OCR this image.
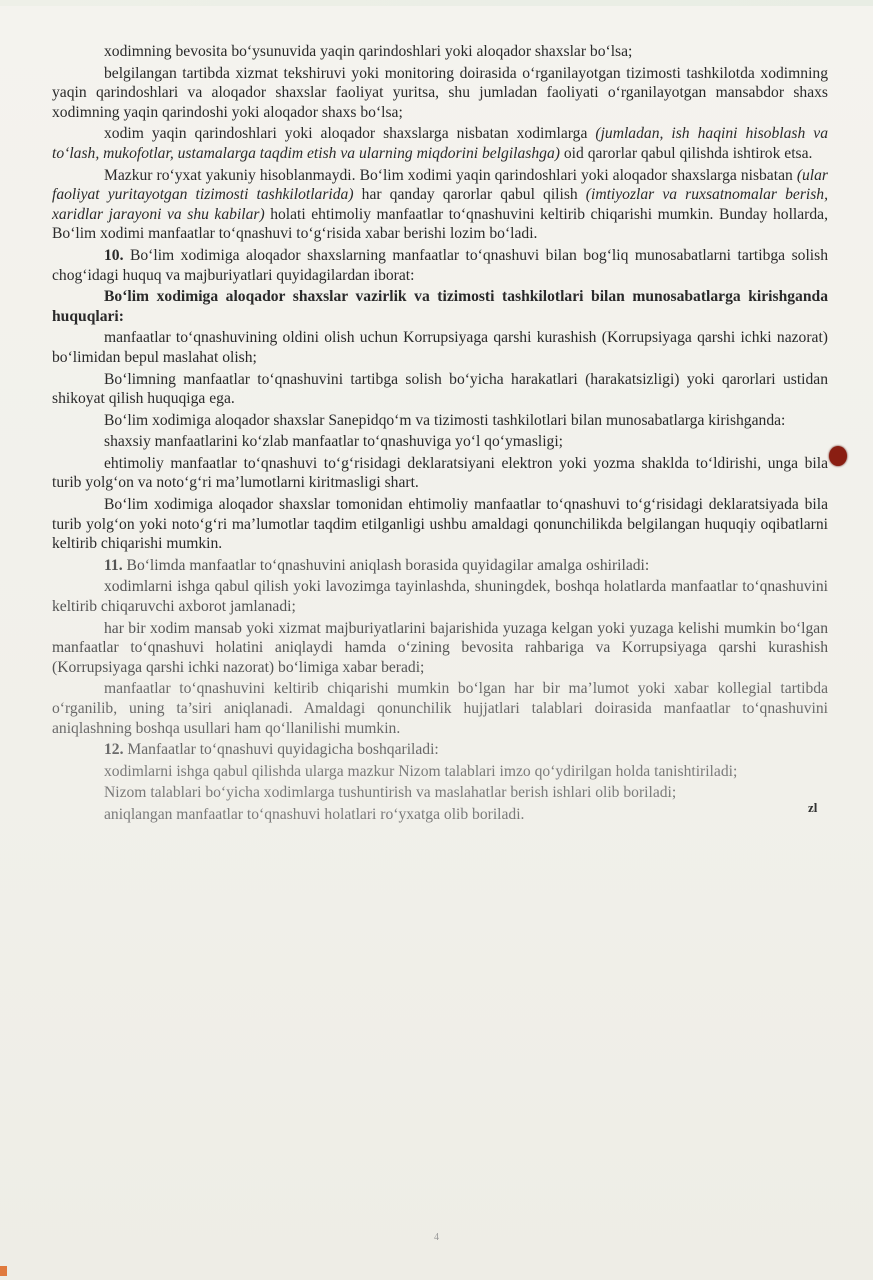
xodimning bevosita bo‘ysunuvida yaqin qarindoshlari yoki aloqador shaxslar bo‘lsa;

belgilangan tartibda xizmat tekshiruvi yoki monitoring doirasida o‘rganilayotgan tizimosti tashkilotda xodimning yaqin qarindoshlari va aloqador shaxslar faoliyat yuritsa, shu jumladan faoliyati o‘rganilayotgan mansabdor shaxs xodimning yaqin qarindoshi yoki aloqador shaxs bo‘lsa;

xodim yaqin qarindoshlari yoki aloqador shaxslarga nisbatan xodimlarga (jumladan, ish haqini hisoblash va to‘lash, mukofotlar, ustamalarga taqdim etish va ularning miqdorini belgilashga) oid qarorlar qabul qilishda ishtirok etsa.

Mazkur ro‘yxat yakuniy hisoblanmaydi. Bo‘lim xodimi yaqin qarindoshlari yoki aloqador shaxslarga nisbatan (ular faoliyat yuritayotgan tizimosti tashkilotlarida) har qanday qarorlar qabul qilish (imtiyozlar va ruxsatnomalar berish, xaridlar jarayoni va shu kabilar) holati ehtimoliy manfaatlar to‘qnashuvini keltirib chiqarishi mumkin. Bunday hollarda, Bo‘lim xodimi manfaatlar to‘qnashuvi to‘g‘risida xabar berishi lozim bo‘ladi.

10. Bo‘lim xodimiga aloqador shaxslarning manfaatlar to‘qnashuvi bilan bog‘liq munosabatlarni tartibga solish chog‘idagi huquq va majburiyatlari quyidagilardan iborat:

Bo‘lim xodimiga aloqador shaxslar vazirlik va tizimosti tashkilotlari bilan munosabatlarga kirishganda huquqlari:

manfaatlar to‘qnashuvining oldini olish uchun Korrupsiyaga qarshi kurashish (Korrupsiyaga qarshi ichki nazorat) bo‘limidan bepul maslahat olish;

Bo‘limning manfaatlar to‘qnashuvini tartibga solish bo‘yicha harakatlari (harakatsizligi) yoki qarorlari ustidan shikoyat qilish huquqiga ega.

Bo‘lim xodimiga aloqador shaxslar Sanepidqo‘m va tizimosti tashkilotlari bilan munosabatlarga kirishganda:

shaxsiy manfaatlarini ko‘zlab manfaatlar to‘qnashuviga yo‘l qo‘ymasligi;

ehtimoliy manfaatlar to‘qnashuvi to‘g‘risidagi deklaratsiyani elektron yoki yozma shaklda to‘ldirishi, unga bila turib yolg‘on va noto‘g‘ri ma’lumotlarni kiritmasligi shart.

Bo‘lim xodimiga aloqador shaxslar tomonidan ehtimoliy manfaatlar to‘qnashuvi to‘g‘risidagi deklaratsiyada bila turib yolg‘on yoki noto‘g‘ri ma’lumotlar taqdim etilganligi ushbu amaldagi qonunchilikda belgilangan huquqiy oqibatlarni keltirib chiqarishi mumkin.

11. Bo‘limda manfaatlar to‘qnashuvini aniqlash borasida quyidagilar amalga oshiriladi:

xodimlarni ishga qabul qilish yoki lavozimga tayinlashda, shuningdek, boshqa holatlarda manfaatlar to‘qnashuvini keltirib chiqaruvchi axborot jamlanadi;

har bir xodim mansab yoki xizmat majburiyatlarini bajarishida yuzaga kelgan yoki yuzaga kelishi mumkin bo‘lgan manfaatlar to‘qnashuvi holatini aniqlaydi hamda o‘zining bevosita rahbariga va Korrupsiyaga qarshi kurashish (Korrupsiyaga qarshi ichki nazorat) bo‘limiga xabar beradi;

manfaatlar to‘qnashuvini keltirib chiqarishi mumkin bo‘lgan har bir ma’lumot yoki xabar kollegial tartibda o‘rganilib, uning ta’siri aniqlanadi. Amaldagi qonunchilik hujjatlari talablari doirasida manfaatlar to‘qnashuvini aniqlashning boshqa usullari ham qo‘llanilishi mumkin.

12. Manfaatlar to‘qnashuvi quyidagicha boshqariladi:

xodimlarni ishga qabul qilishda ularga mazkur Nizom talablari imzo qo‘ydirilgan holda tanishtiriladi;

Nizom talablari bo‘yicha xodimlarga tushuntirish va maslahatlar berish ishlari olib boriladi;

aniqlangan manfaatlar to‘qnashuvi holatlari ro‘yxatga olib boriladi.	zl
4
